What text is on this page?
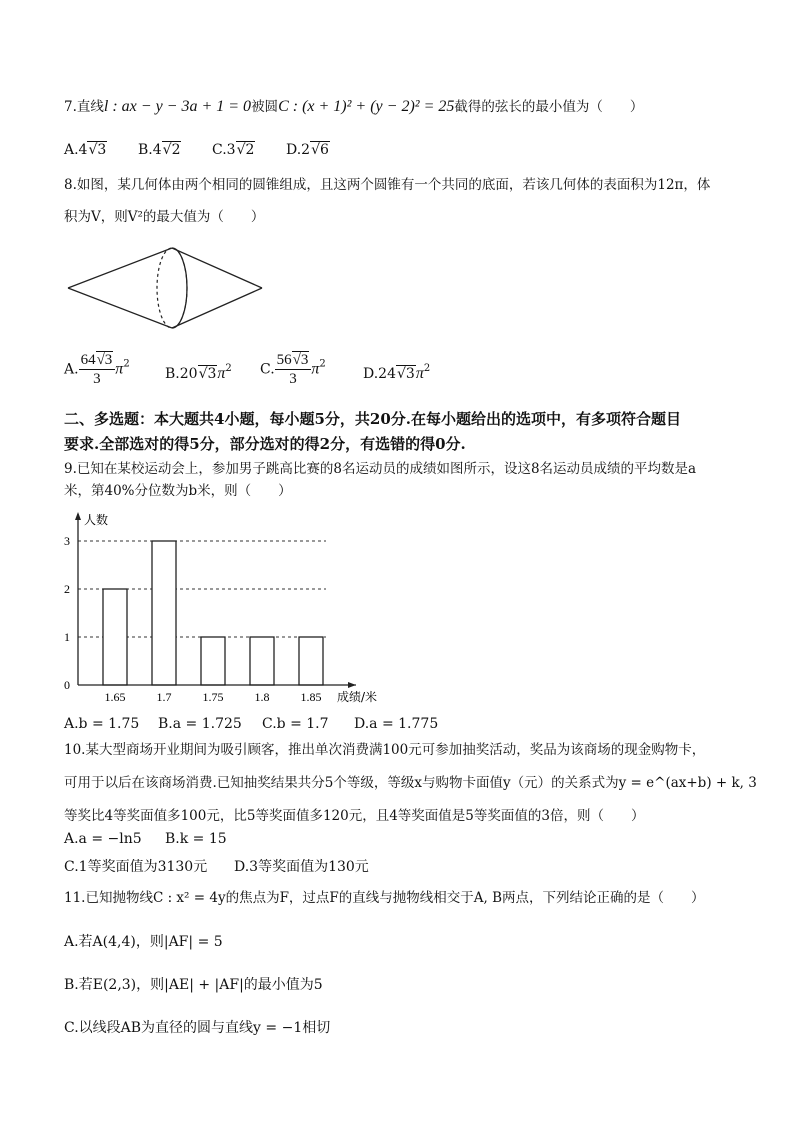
7.直线l : ax − y − 3a + 1 = 0被圆C : (x + 1)² + (y − 2)² = 25截得的弦长的最小值为（　　）
A.4√3 B.4√2 C.3√2 D.2√6
8.如图，某几何体由两个相同的圆锥组成，且这两个圆锥有一个共同的底面，若该几何体的表面积为12π，体
积为V，则V²的最大值为（　　）
A. $\frac{64√3}{3} \pi^2$
$B.20√3\pi^2$ C. $\frac{56√3}{3} \pi^2$
$D.24√3\pi^2$
二、多选题：本大题共4小题，每小题5分，共20分.在每小题给出的选项中，有多项符合题目
要求.全部选对的得5分，部分选对的得2分，有选错的得0分.
9.已知在某校运动会上，参加男子跳高比赛的8名运动员的成绩如图所示，设这8名运动员成绩的平均数是a
米，第40%分位数为b米，则（　　）
1.65	1.7	1.75	1.8	1.85
0
1
2
3
人数
成绩/米
A.b = 1.75 B.a = 1.725 C.b = 1.7 D.a = 1.775
10.某大型商场开业期间为吸引顾客，推出单次消费满100元可参加抽奖活动，奖品为该商场的现金购物卡，
可用于以后在该商场消费.已知抽奖结果共分5个等级，等级x与购物卡面值y（元）的关系式为y = e^(ax+b) + k, 3
等奖比4等奖面值多100元，比5等奖面值多120元，且4等奖面值是5等奖面值的3倍，则（　　）
A.a = −ln5 B.k = 15
C.1等奖面值为3130元 D.3等奖面值为130元
11.已知抛物线C : x² = 4y的焦点为F，过点F的直线与抛物线相交于A, B两点，下列结论正确的是（　　）
A.若A(4,4)，则|AF| = 5
B.若E(2,3)，则|AE| + |AF|的最小值为5
C.以线段AB为直径的圆与直线y = −1相切
